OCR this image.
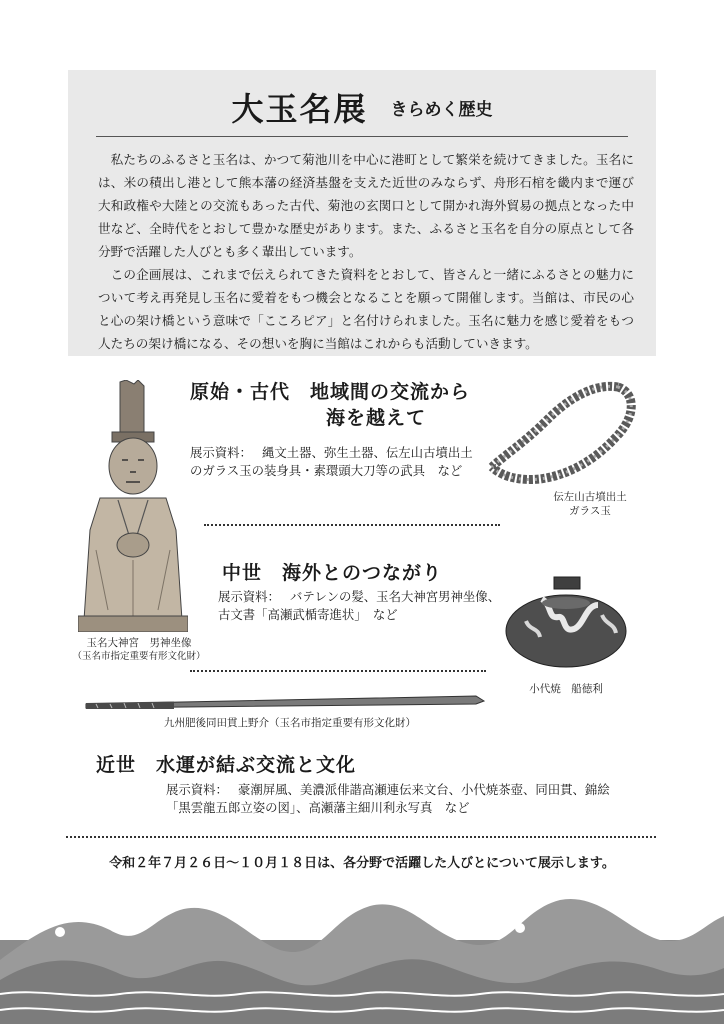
大玉名展 きらめく歴史

私たちのふるさと玉名は、かつて菊池川を中心に港町として繁栄を続けてきました。玉名には、米の積出し港として熊本藩の経済基盤を支えた近世のみならず、舟形石棺を畿内まで運び大和政権や大陸との交流もあった古代、菊池の玄関口として開かれ海外貿易の拠点となった中世など、全時代をとおして豊かな歴史があります。また、ふるさと玉名を自分の原点として各分野で活躍した人びとも多く輩出しています。

この企画展は、これまで伝えられてきた資料をとおして、皆さんと一緒にふるさとの魅力について考え再発見し玉名に愛着をもつ機会となることを願って開催します。当館は、市民の心と心の架け橋という意味で「こころピア」と名付けられました。玉名に魅力を感じ愛着をもつ人たちの架け橋になる、その想いを胸に当館はこれからも活動していきます。

原始・古代　地域間の交流から
海を越えて
展示資料： 縄文土器、弥生土器、伝左山古墳出土のガラス玉の装身具・素環頭大刀等の武具　など
伝左山古墳出土
ガラス玉
中世　海外とのつながり
展示資料： バテレンの髪、玉名大神宮男神坐像、古文書「高瀬武楯寄進状」　など
玉名大神宮　男神坐像
（玉名市指定重要有形文化財）
小代焼　船徳利
九州肥後同田貫上野介（玉名市指定重要有形文化財）
近世　水運が結ぶ交流と文化
展示資料： 豪潮屏風、美濃派俳諧高瀬連伝来文台、小代焼茶壺、同田貫、錦絵「黒雲龍五郎立姿の図」、高瀬藩主細川利永写真　など
令和２年７月２６日～１０月１８日は、各分野で活躍した人びとについて展示します。
